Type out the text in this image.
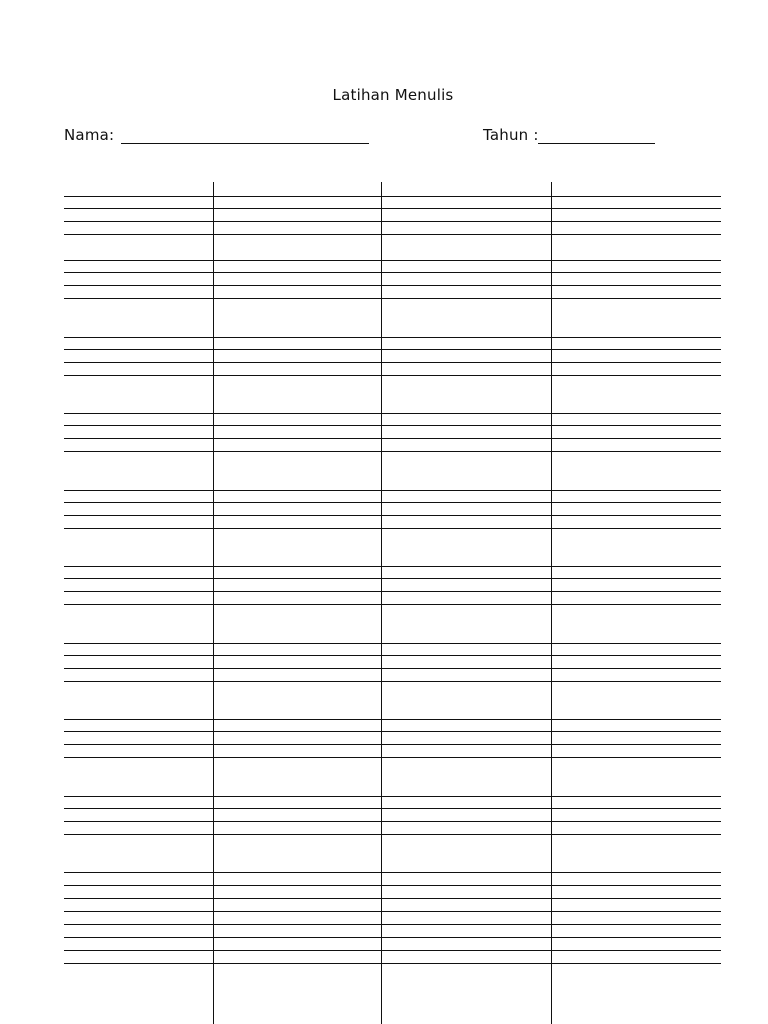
Latihan Menulis
Nama:	Tahun :
